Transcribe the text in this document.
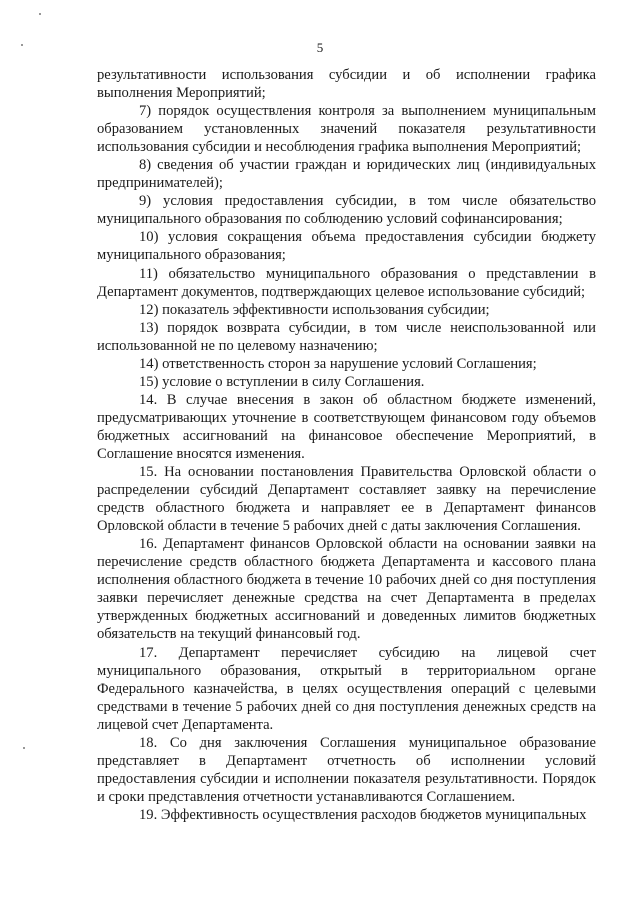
5

результативности использования субсидии и об исполнении графика выполнения Мероприятий;

7) порядок осуществления контроля за выполнением муниципальным образованием установленных значений показателя результативности использования субсидии и несоблюдения графика выполнения Мероприятий;

8) сведения об участии граждан и юридических лиц (индивидуальных предпринимателей);

9) условия предоставления субсидии, в том числе обязательство муниципального образования по соблюдению условий софинансирования;

10) условия сокращения объема предоставления субсидии бюджету муниципального образования;

11) обязательство муниципального образования о представлении в Департамент документов, подтверждающих целевое использование субсидий;

12) показатель эффективности использования субсидии;

13) порядок возврата субсидии, в том числе неиспользованной или использованной не по целевому назначению;

14) ответственность сторон за нарушение условий Соглашения;

15) условие о вступлении в силу Соглашения.

14. В случае внесения в закон об областном бюджете изменений, предусматривающих уточнение в соответствующем финансовом году объемов бюджетных ассигнований на финансовое обеспечение Мероприятий, в Соглашение вносятся изменения.

15. На основании постановления Правительства Орловской области о распределении субсидий Департамент составляет заявку на перечисление средств областного бюджета и направляет ее в Департамент финансов Орловской области в течение 5 рабочих дней с даты заключения Соглашения.

16. Департамент финансов Орловской области на основании заявки на перечисление средств областного бюджета Департамента и кассового плана исполнения областного бюджета в течение 10 рабочих дней со дня поступления заявки перечисляет денежные средства на счет Департамента в пределах утвержденных бюджетных ассигнований и доведенных лимитов бюджетных обязательств на текущий финансовый год.

17. Департамент перечисляет субсидию на лицевой счет муниципального образования, открытый в территориальном органе Федерального казначейства, в целях осуществления операций с целевыми средствами в течение 5 рабочих дней со дня поступления денежных средств на лицевой счет Департамента.

18. Со дня заключения Соглашения муниципальное образование представляет в Департамент отчетность об исполнении условий предоставления субсидии и исполнении показателя результативности. Порядок и сроки представления отчетности устанавливаются Соглашением.

19. Эффективность осуществления расходов бюджетов муниципальных
